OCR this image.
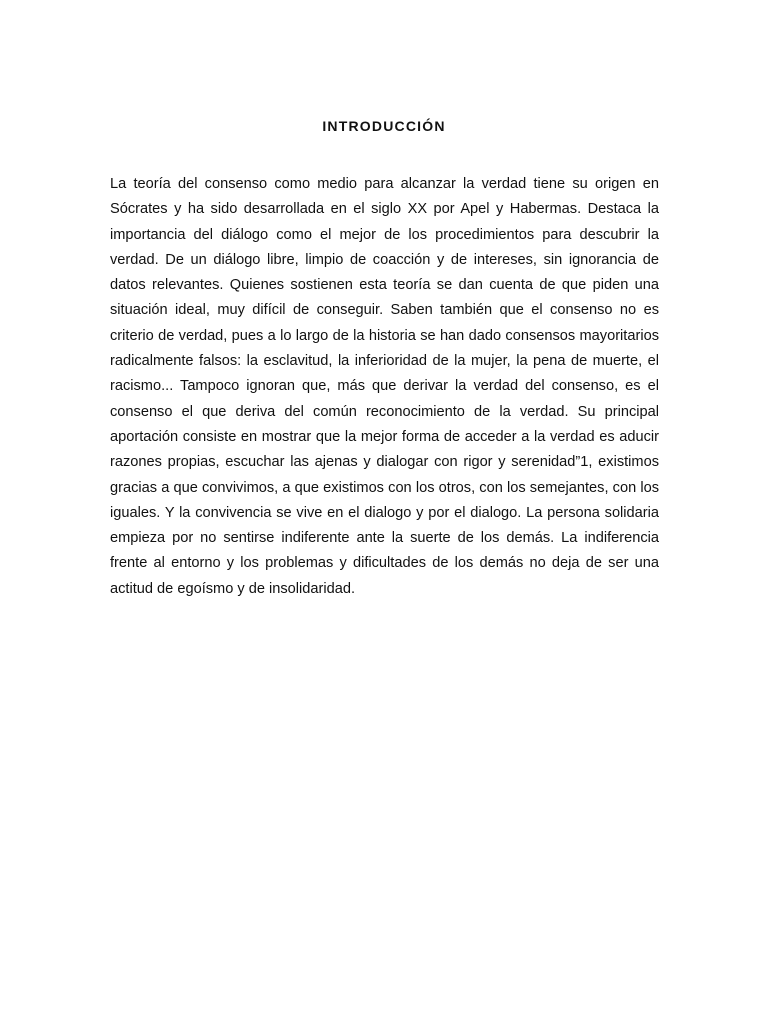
INTRODUCCIÓN

La teoría del consenso como medio para alcanzar la verdad tiene su origen en Sócrates y ha sido desarrollada en el siglo XX por Apel y Habermas. Destaca la importancia del diálogo como el mejor de los procedimientos para descubrir la verdad. De un diálogo libre, limpio de coacción y de intereses, sin ignorancia de datos relevantes. Quienes sostienen esta teoría se dan cuenta de que piden una situación ideal, muy difícil de conseguir. Saben también que el consenso no es criterio de verdad, pues a lo largo de la historia se han dado consensos mayoritarios radicalmente falsos: la esclavitud, la inferioridad de la mujer, la pena de muerte, el racismo... Tampoco ignoran que, más que derivar la verdad del consenso, es el consenso el que deriva del común reconocimiento de la verdad. Su principal aportación consiste en mostrar que la mejor forma de acceder a la verdad es aducir razones propias, escuchar las ajenas y dialogar con rigor y serenidad”1, existimos gracias a que convivimos, a que existimos con los otros, con los semejantes, con los iguales. Y la convivencia se vive en el dialogo y por el dialogo. La persona solidaria empieza por no sentirse indiferente ante la suerte de los demás. La indiferencia frente al entorno y los problemas y dificultades de los demás no deja de ser una actitud de egoísmo y de insolidaridad.
